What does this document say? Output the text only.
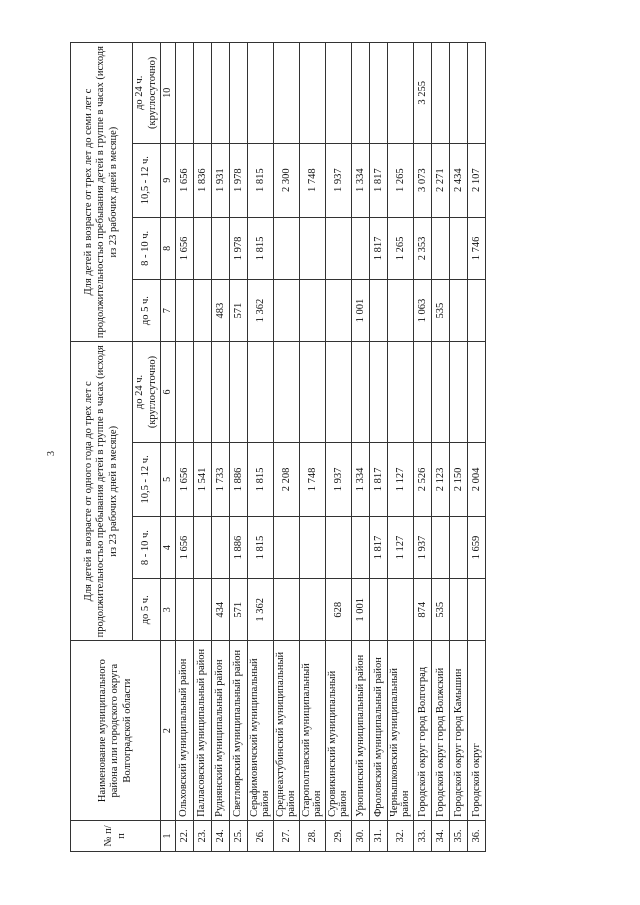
3
№ п/п	Наименование муниципального района или городского округа Волгоградской области	Для детей в возрасте от одного года до трех лет с продолжительностью пребывания детей в группе в часах (исходя из 23 рабочих дней в месяце)				Для детей в возрасте от трех лет до семи лет с продолжительностью пребывания детей в группе в часах (исходя из 23 рабочих дней в месяце)			
		до 5 ч.	8 - 10 ч.	10,5 - 12 ч.	до 24 ч. (круглосуточно)	до 5 ч.	8 - 10 ч.	10,5 - 12 ч.	до 24 ч. (круглосуточно)
1	2	3	4	5	6	7	8	9	10
22.	Ольховский муниципальный район		1 656	1 656			1 656	1 656	
23.	Палласовский муниципальный район			1 541				1 836	
24.	Руднянский муниципальный район	434		1 733		483		1 931	
25.	Светлоярский муниципальный район	571	1 886	1 886		571	1 978	1 978	
26.	Серафимовичский муниципальный район	1 362	1 815	1 815		1 362	1 815	1 815	
27.	Среднеахтубинский муниципальный район			2 208				2 300	
28.	Старополтавский муниципальный район			1 748				1 748	
29.	Суровикинский муниципальный район	628		1 937				1 937	
30.	Урюпинский муниципальный район	1 001		1 334		1 001		1 334	
31.	Фроловский муниципальный район		1 817	1 817			1 817	1 817	
32.	Чернышковский муниципальный район		1 127	1 127			1 265	1 265	
33.	Городской округ город Волгоград	874	1 937	2 526		1 063	2 353	3 073	3 255
34.	Городской округ город Волжский	535		2 123		535		2 271	
35.	Городской округ город Камышин			2 150				2 434	
36.	Городской округ		1 659	2 004			1 746	2 107	
